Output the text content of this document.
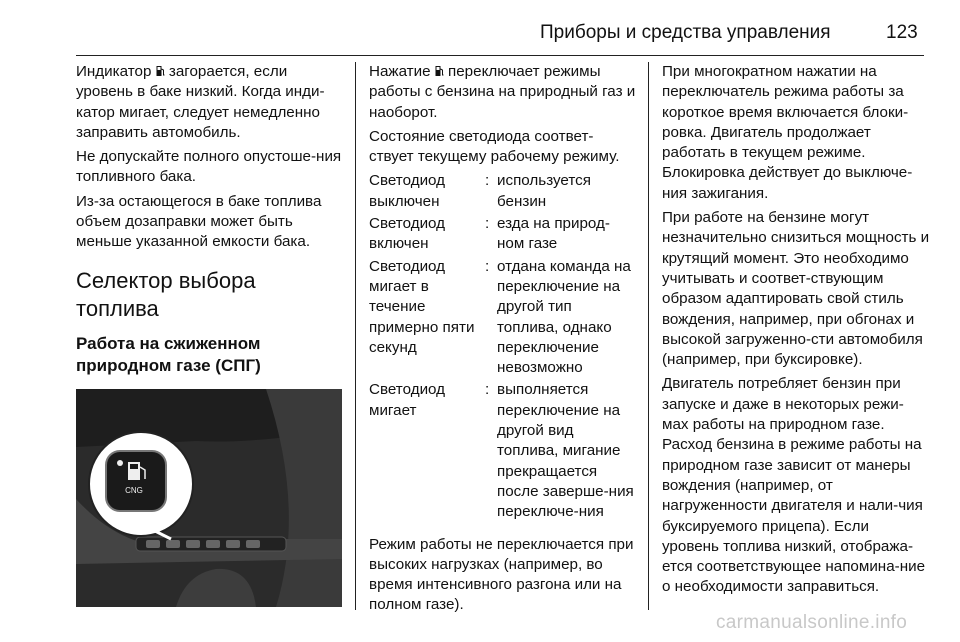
Приборы и средства управления	123

Индикатор  загорается, если уровень в баке низкий. Когда инди‐катор мигает, следует немедленно заправить автомобиль.

Не допускайте полного опустоше‐ния топливного бака.

Из-за остающегося в баке топлива объем дозаправки может быть меньше указанной емкости бака.

Селектор выбора топлива
Работа на сжиженном природном газе (СПГ)
CNG

Нажатие  переключает режимы работы с бензина на природный газ и наоборот.

Состояние светодиода соответ‐ствует текущему рабочему режиму.

Светодиод выключен	:	используется бензин
Светодиод включен	:	езда на природ‐ном газе
Светодиод мигает в течение примерно пяти секунд	:	отдана команда на переключение на другой тип топлива, однако переключение невозможно
Светодиод мигает	:	выполняется переключение на другой вид топлива, мигание прекращается после заверше‐ния переключе‐ния

Режим работы не переключается при высоких нагрузках (например, во время интенсивного разгона или на полном газе).

При многократном нажатии на переключатель режима работы за короткое время включается блоки‐ровка. Двигатель продолжает работать в текущем режиме. Блокировка действует до выключе‐ния зажигания.

При работе на бензине могут незначительно снизиться мощность и крутящий момент. Это необходимо учитывать и соответ‐ствующим образом адаптировать свой стиль вождения, например, при обгонах и высокой загруженно‐сти автомобиля (например, при буксировке).

Двигатель потребляет бензин при запуске и даже в некоторых режи‐мах работы на природном газе. Расход бензина в режиме работы на природном газе зависит от манеры вождения (например, от нагруженности двигателя и нали‐чия буксируемого прицепа). Если уровень топлива низкий, отобража‐ется соответствующее напомина‐ние о необходимости заправиться.

carmanualsonline.info
